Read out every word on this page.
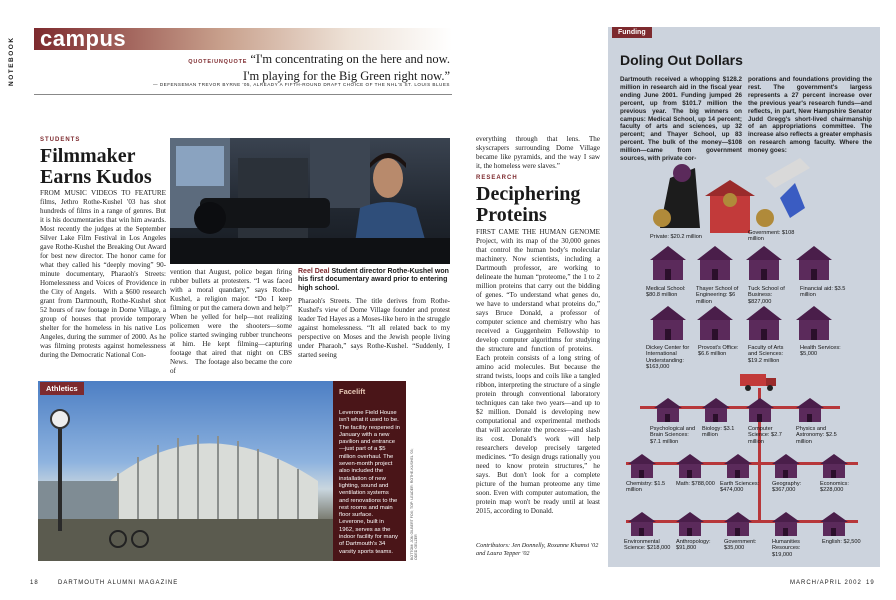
NOTEBOOK	campus
QUOTE/UNQUOTE “I'm concentrating on the here and now.
I'm playing for the Big Green right now.”
— DEFENSEMAN TREVOR BYRNE '05, ALREADY A FIFTH-ROUND DRAFT CHOICE OF THE NHL'S ST. LOUIS BLUES
STUDENTS
Filmmaker
Earns Kudos
FROM MUSIC VIDEOS TO FEATURE films, Jethro Rothe-Kushel '03 has shot hundreds of films in a range of genres. But it is his documentaries that win him awards. Most recently the judges at the September Silver Lake Film Festival in Los Angeles gave Rothe-Kushel the Breaking Out Award for best new director. The honor came for what they called his “deeply moving” 90-minute documentary, Pharaoh's Streets: Homelessness and Voices of Providence in the City of Angels. With a $600 research grant from Dartmouth, Rothe-Kushel shot 52 hours of raw footage in Dome Village, a group of houses that provide temporary shelter for the homeless in his native Los Angeles, during the summer of 2000. As he was filming protests against homelessness during the Democratic National Con-
Reel Deal Student director Rothe-Kushel won his first documentary award prior to entering high school.
vention that August, police began firing rubber bullets at protesters. “I was faced with a moral quandary,” says Rothe-Kushel, a religion major. “Do I keep filming or put the camera down and help?” When he yelled for help—not realizing policemen were the shooters—some police started swinging rubber truncheons at him. He kept filming—capturing footage that aired that night on CBS News. The footage also became the core of
Pharaoh's Streets. The title derives from Rothe-Kushel's view of Dome Village founder and protest leader Ted Hayes as a Moses-like hero in the struggle against homelessness. “It all related back to my perspective on Moses and the Jewish people living under Pharaoh,” says Rothe-Kushel. “Suddenly, I started seeing
Athletics	Facelift
Leverone Field House isn't what it used to be. The facility reopened in January with a new pavilion and entrance—just part of a $5 million overhaul. The seven-month project also included the installation of new lighting, sound and ventilation systems and renovations to the rest rooms and main floor surface. Leverone, built in 1962, serves as the indoor facility for many of Dartmouth's 34 varsity sports teams.	BOTTOM: JON GILBERT FOX; TOP: LEADER: ROTHE-KUSHEL '03; ODED GELZER
18	DARTMOUTH ALUMNI MAGAZINE
everything through that lens. The skyscrapers surrounding Dome Village became like pyramids, and the way I saw it, the homeless were slaves.”
RESEARCH
Deciphering
Proteins
FIRST CAME THE HUMAN GENOME Project, with its map of the 30,000 genes that control the human body's molecular machinery. Now scientists, including a Dartmouth professor, are working to delineate the human “proteome,” the 1 to 2 million proteins that carry out the bidding of genes. “To understand what genes do, we have to understand what proteins do,” says Bruce Donald, a professor of computer science and chemistry who has received a Guggenheim Fellowship to develop computer algorithms for studying the structure and function of proteins. Each protein consists of a long string of amino acid molecules. But because the strand twists, loops and coils like a tangled ribbon, interpreting the structure of a single protein through conventional laboratory techniques can take two years—and up to $2 million. Donald is developing new computational and experimental methods that will accelerate the process—and slash its cost. Donald's work will help researchers develop precisely targeted medicines. “To design drugs rationally you need to know protein structures,” he says. But don't look for a complete picture of the human proteome any time soon. Even with computer automation, the protein map won't be ready until at least 2015, according to Donald.
Contributors: Jen Donnelly, Roxanne Khamsi '02 and Laura Tepper '02
Funding
Doling Out Dollars
Dartmouth received a whopping $128.2 million in research aid in the fiscal year ending June 2001. Funding jumped 26 percent, up from $101.7 million the previous year. The big winners on campus: Medical School, up 14 percent; faculty of arts and sciences, up 32 percent; and Thayer School, up 83 percent. The bulk of the money—$108 million—came from government sources, with private cor-
porations and foundations providing the rest. The government's largess represents a 27 percent increase over the previous year's research funds—and reflects, in part, New Hampshire Senator Judd Gregg's short-lived chairmanship of an appropriations committee. The increase also reflects a greater emphasis on research among faculty. Where the money goes:
Private: $20.2 million
Government: $108 million
Medical School: $80.8 million
Thayer School of Engineering: $6 million
Tuck School of Business: $827,000
Financial aid: $3.5 million
Dickey Center for International Understanding: $163,000
Provost's Office: $6.6 million
Faculty of Arts and Sciences: $19.2 million
Health Services: $5,000
Psychological and Brain Sciences: $7.1 million
Biology: $3.1 million
Computer Science: $2.7 million
Physics and Astronomy: $2.5 million
Chemistry: $1.5 million
Math: $788,000 Earth Sciences: $474,000
Geography: $367,000
Economics: $228,000
Environmental Science: $218,000
Anthropology: $91,800
Government: $35,000
Humanities Resources: $19,000
English: $2,500
MARCH/APRIL 2002 19
